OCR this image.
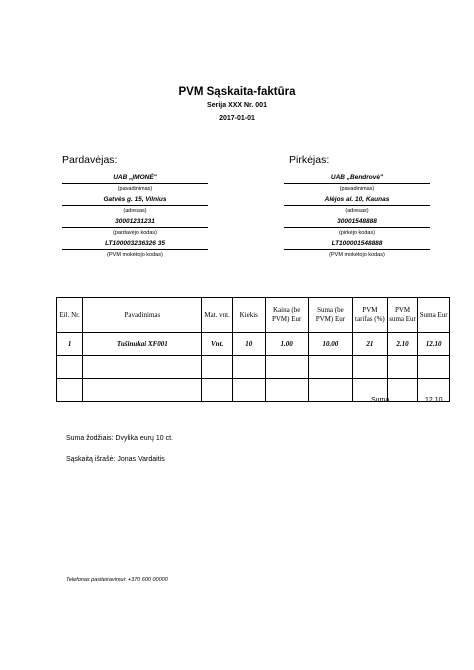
PVM Sąskaita-faktūra
Serija XXX Nr. 001
2017-01-01
Pardavėjas:	Pirkėjas:
UAB „ĮMONĖ"
(pavadinimas)
Gatvės g. 15, Vilnius
(adresas)
30001231231
(pardavėjo kodas)
LT100003236326 35
(PVM mokėtojo kodas)
UAB „Bendrovė"
(pavadinimas)
Alėjos al. 10, Kaunas
(adresas)
30001548888
(pirkėjo kodas)
LT100001548888
(PVM mokėtojo kodas)
Eil. Nr.	Pavadinimas	Mat. vnt.	Kiekis	Kaina (be PVM) Eur	Suma (be PVM) Eur	PVM tarifas (%)	PVM suma Eur	Suma Eur
1	Tušinukai XF001	Vnt.	10	1.00	10.00	21	2.10	12.10

Suma	12.10
Suma žodžiais: Dvylika eurų 10 ct.
Sąskaitą išrašė: Jonas Vardaitis
Telefonas pasiteiravimui: +370 600 00000
